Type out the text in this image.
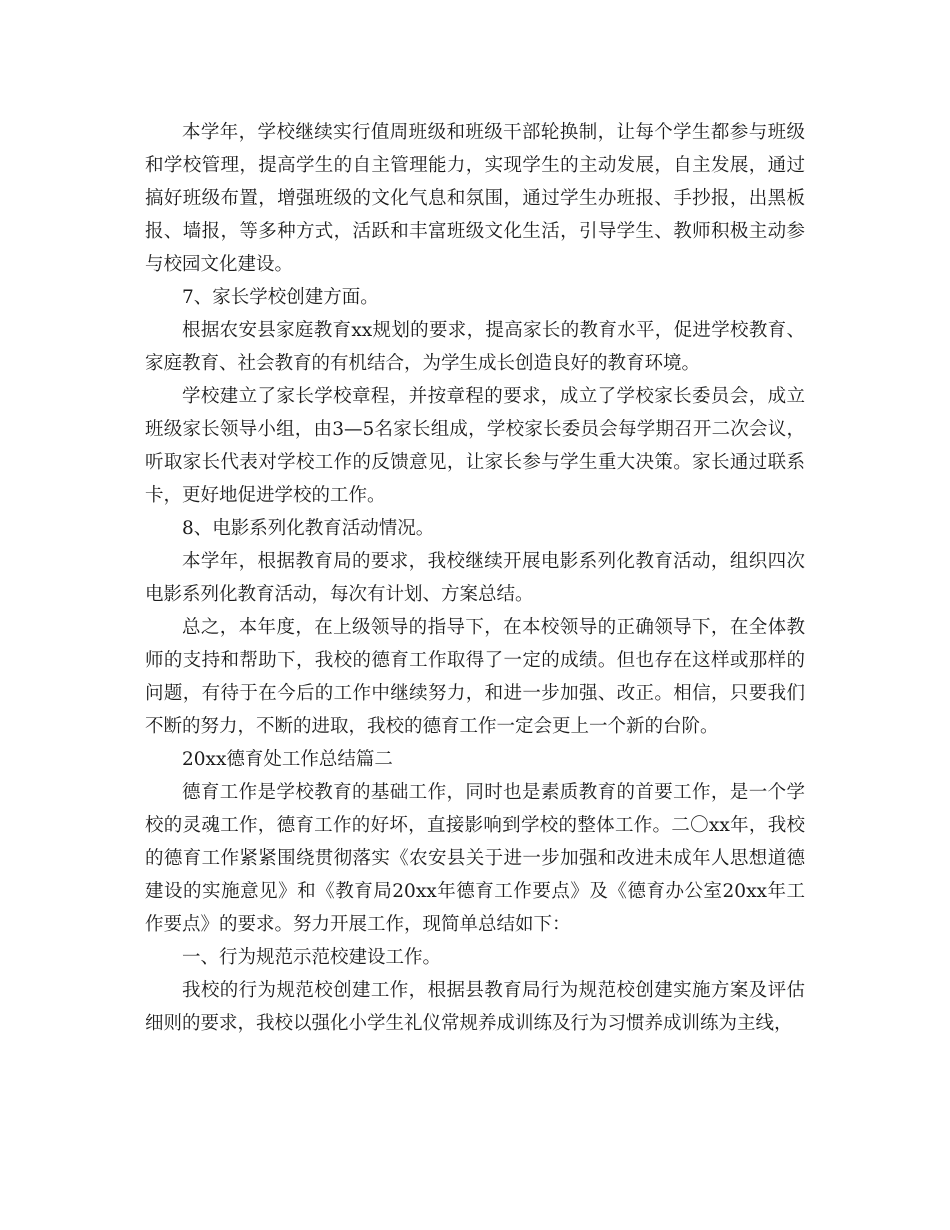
本学年，学校继续实行值周班级和班级干部轮换制，让每个学生都参与班级和学校管理，提高学生的自主管理能力，实现学生的主动发展，自主发展，通过搞好班级布置，增强班级的文化气息和氛围，通过学生办班报、手抄报，出黑板报、墙报，等多种方式，活跃和丰富班级文化生活，引导学生、教师积极主动参与校园文化建设。

7、家长学校创建方面。

根据农安县家庭教育xx规划的要求，提高家长的教育水平，促进学校教育、家庭教育、社会教育的有机结合，为学生成长创造良好的教育环境。

学校建立了家长学校章程，并按章程的要求，成立了学校家长委员会，成立班级家长领导小组，由3—5名家长组成，学校家长委员会每学期召开二次会议，听取家长代表对学校工作的反馈意见，让家长参与学生重大决策。家长通过联系卡，更好地促进学校的工作。

8、电影系列化教育活动情况。

本学年，根据教育局的要求，我校继续开展电影系列化教育活动，组织四次电影系列化教育活动，每次有计划、方案总结。

总之，本年度，在上级领导的指导下，在本校领导的正确领导下，在全体教师的支持和帮助下，我校的德育工作取得了一定的成绩。但也存在这样或那样的问题，有待于在今后的工作中继续努力，和进一步加强、改正。相信，只要我们不断的努力，不断的进取，我校的德育工作一定会更上一个新的台阶。

20xx德育处工作总结篇二

德育工作是学校教育的基础工作，同时也是素质教育的首要工作，是一个学校的灵魂工作，德育工作的好坏，直接影响到学校的整体工作。二〇xx年，我校的德育工作紧紧围绕贯彻落实《农安县关于进一步加强和改进未成年人思想道德建设的实施意见》和《教育局20xx年德育工作要点》及《德育办公室20xx年工作要点》的要求。努力开展工作，现简单总结如下：

一、行为规范示范校建设工作。

我校的行为规范校创建工作，根据县教育局行为规范校创建实施方案及评估细则的要求，我校以强化小学生礼仪常规养成训练及行为习惯养成训练为主线，
